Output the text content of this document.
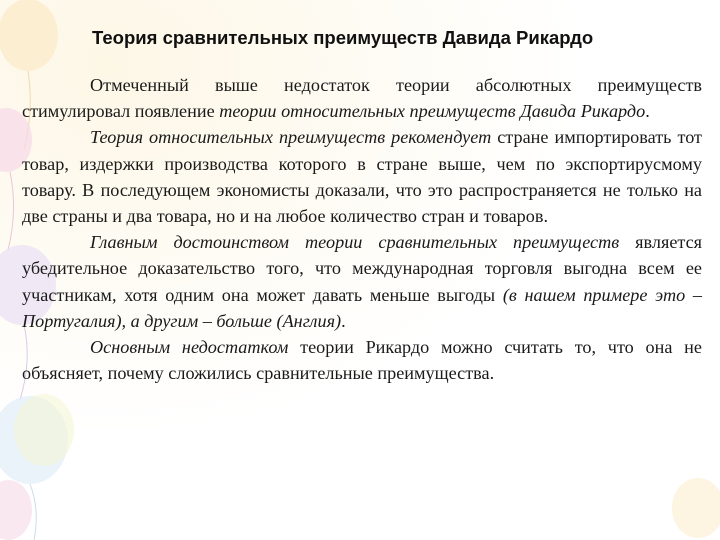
Теория сравнительных преимуществ Давида Рикардо

Отмеченный выше недостаток теории абсолютных преимуществ стимулировал появление теории относительных преимуществ Давида Рикардо.

Теория относительных преимуществ рекомендует стране импортировать тот товар, издержки производства которого в стране выше, чем по экспортирусмому товару. В последующем экономисты доказали, что это распространяется не только на две страны и два товара, но и на любое количество стран и товаров.

Главным достоинством теории сравнительных преимуществ является убедительное доказательство того, что международная торговля выгодна всем ее участникам, хотя одним она может давать меньше выгоды (в нашем примере это –Португалия), а другим – больше (Англия).

Основным недостатком теории Рикардо можно считать то, что она не объясняет, почему сложились сравнительные преимущества.
